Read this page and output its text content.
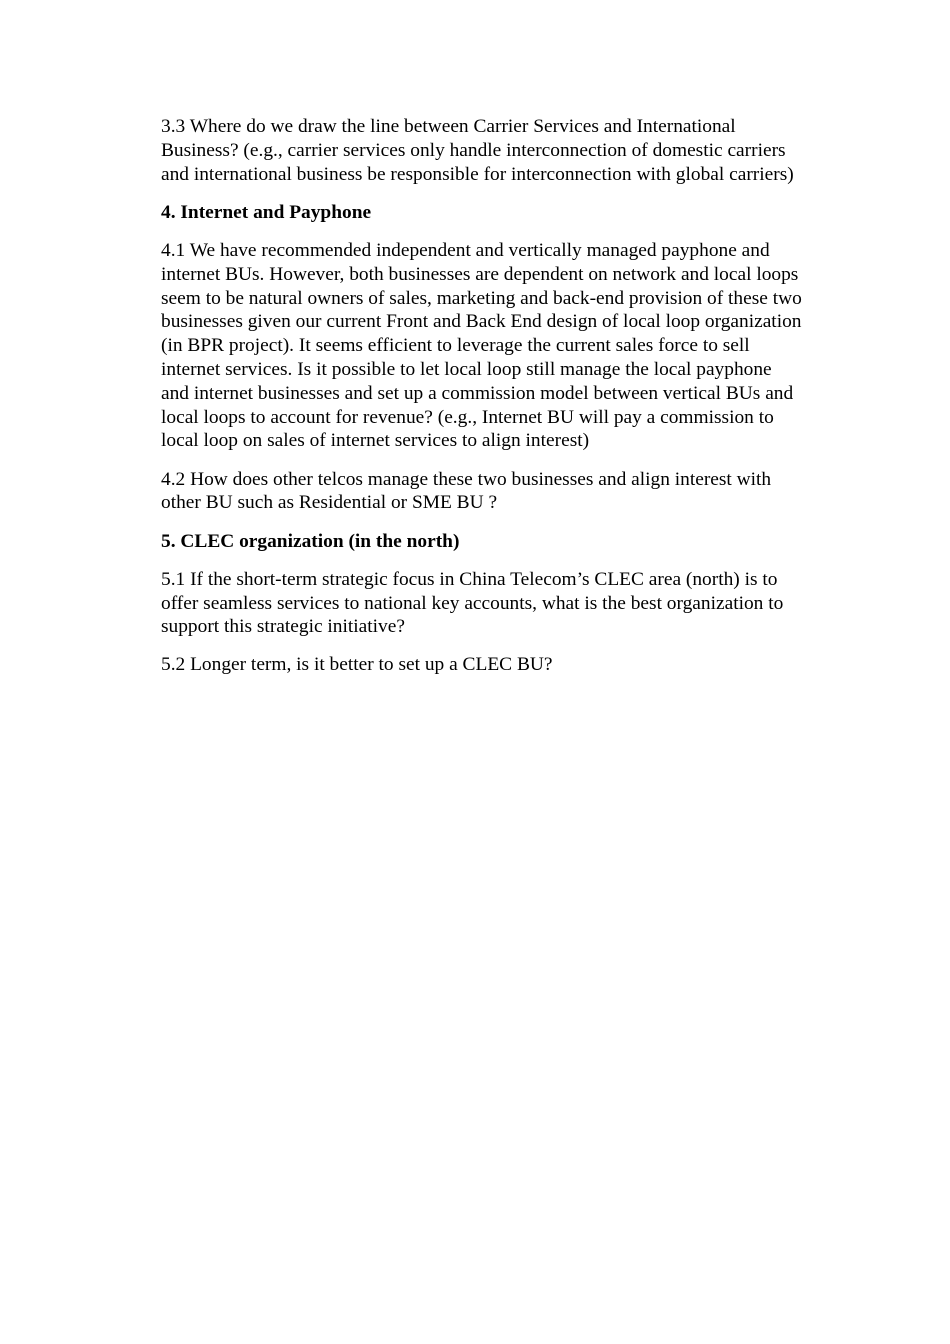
3.3 Where do we draw the line between Carrier Services and International
Business? (e.g., carrier services only handle interconnection of domestic carriers
and international business be responsible for interconnection with global carriers)

4. Internet and Payphone

4.1 We have recommended independent and vertically managed payphone and
internet BUs. However, both businesses are dependent on network and local loops
seem to be natural owners of sales, marketing and back-end provision of these two
businesses given our current Front and Back End design of local loop organization
(in BPR project). It seems efficient to leverage the current sales force to sell
internet services. Is it possible to let local loop still manage the local payphone
and internet businesses and set up a commission model between vertical BUs and
local loops to account for revenue? (e.g., Internet BU will pay a commission to
local loop on sales of internet services to align interest)

4.2 How does other telcos manage these two businesses and align interest with
other BU such as Residential or SME BU ?

5. CLEC organization (in the north)

5.1 If the short-term strategic focus in China Telecom’s CLEC area (north) is to
offer seamless services to national key accounts, what is the best organization to
support this strategic initiative?

5.2 Longer term, is it better to set up a CLEC BU?
